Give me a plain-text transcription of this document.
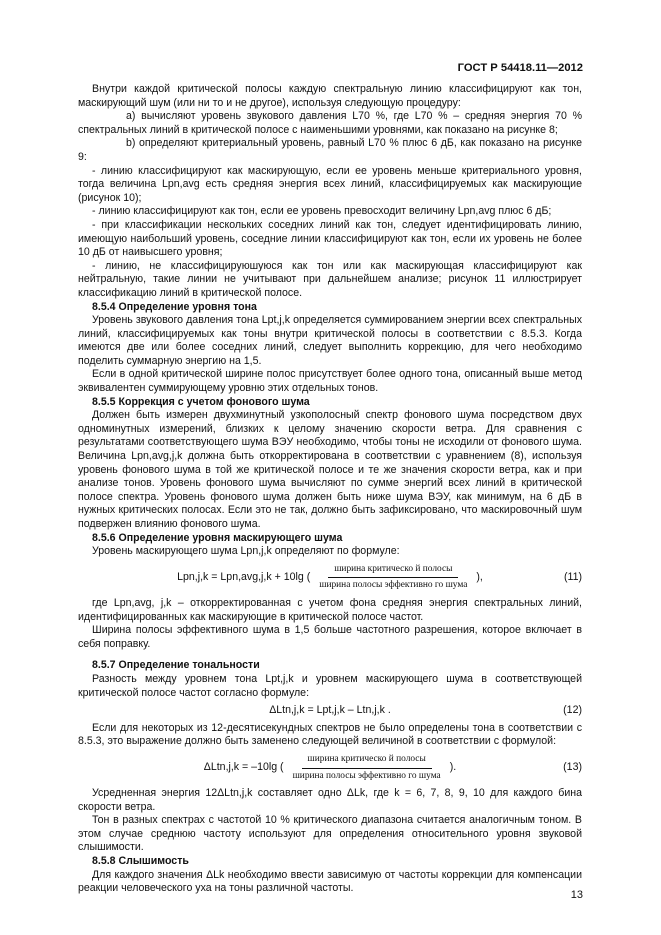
ГОСТ Р 54418.11—2012

Внутри каждой критической полосы каждую спектральную линию классифицируют как тон, маскирующий шум (или ни то и не другое), используя следующую процедуру:

a) вычисляют уровень звукового давления L70 %, где L70 % – средняя энергия 70 % спектральных линий в критической полосе с наименьшими уровнями, как показано на рисунке 8;

b) определяют критериальный уровень, равный L70 % плюс 6 дБ, как показано на рисунке 9:

- линию классифицируют как маскирующую, если ее уровень меньше критериального уровня, тогда величина Lpn,avg есть средняя энергия всех линий, классифицируемых как маскирующие (рисунок 10);

- линию классифицируют как тон, если ее уровень превосходит величину Lpn,avg плюс 6 дБ;

- при классификации нескольких соседних линий как тон, следует идентифицировать линию, имеющую наибольший уровень, соседние линии классифицируют как тон, если их уровень не более 10 дБ от наивысшего уровня;

- линию, не классифицируюшуюся как тон или как маскирующая классифицируют как нейтральную, такие линии не учитывают при дальнейшем анализе; рисунок 11 иллюстрирует классификацию линий в критической полосе.

8.5.4 Определение уровня тона

Уровень звукового давления тона Lpt,j,k определяется суммированием энергии всех спектральных линий, классифицируемых как тоны внутри критической полосы в соответствии с 8.5.3. Когда имеются две или более соседних линий, следует выполнить коррекцию, для чего необходимо поделить суммарную энергию на 1,5.

Если в одной критической ширине полос присутствует более одного тона, описанный выше метод эквивалентен суммирующему уровню этих отдельных тонов.

8.5.5 Коррекция с учетом фонового шума

Должен быть измерен двухминутный узкополосный спектр фонового шума посредством двух одноминутных измерений, близких к целому значению скорости ветра. Для сравнения с результатами соответствующего шума ВЭУ необходимо, чтобы тоны не исходили от фонового шума. Величина Lpn,avg,j,k должна быть откорректирована в соответствии с уравнением (8), используя уровень фонового шума в той же критической полосе и те же значения скорости ветра, как и при анализе тонов. Уровень фонового шума вычисляют по сумме энергий всех линий в критической полосе спектра. Уровень фонового шума должен быть ниже шума ВЭУ, как минимум, на 6 дБ в нужных критических полосах. Если это не так, должно быть зафиксировано, что маскировочный шум подвержен влиянию фонового шума.

8.5.6 Определение уровня маскирующего шума

Уровень маскирующего шума Lpn,j,k определяют по формуле:

Lpn,j,k = Lpn,avg,j,k + 10lg ( $\frac{\text{ширина критическо й полосы}}{\text{ширина полосы эффективно го шума}}$ ),	(11)

где Lpn,avg, j,k – откорректированная с учетом фона средняя энергия спектральных линий, идентифицированных как маскирующие в критической полосе частот.

Ширина полосы эффективного шума в 1,5 больше частотного разрешения, которое включает в себя поправку.

8.5.7 Определение тональности

Разность между уровнем тона Lpt,j,k и уровнем маскирующего шума в соответствующей критической полосе частот согласно формуле:

ΔLtn,j,k = Lpt,j,k – Ltn,j,k .	(12)

Если для некоторых из 12-десятисекундных спектров не было определены тона в соответствии с 8.5.3, это выражение должно быть заменено следующей величиной в соответствии с формулой:

ΔLtn,j,k = –10lg ( $\frac{\text{ширина критическо й полосы}}{\text{ширина полосы эффективно го шума}}$ ).	(13)

Усредненная энергия 12ΔLtn,j,k составляет одно ΔLk, где k = 6, 7, 8, 9, 10 для каждого бина скорости ветра.

Тон в разных спектрах с частотой 10 % критического диапазона считается аналогичным тоном. В этом случае среднюю частоту используют для определения относительного уровня звуковой слышимости.

8.5.8 Слышимость

Для каждого значения ΔLk необходимо ввести зависимую от частоты коррекции для компенсации реакции человеческого уха на тоны различной частоты.

13
